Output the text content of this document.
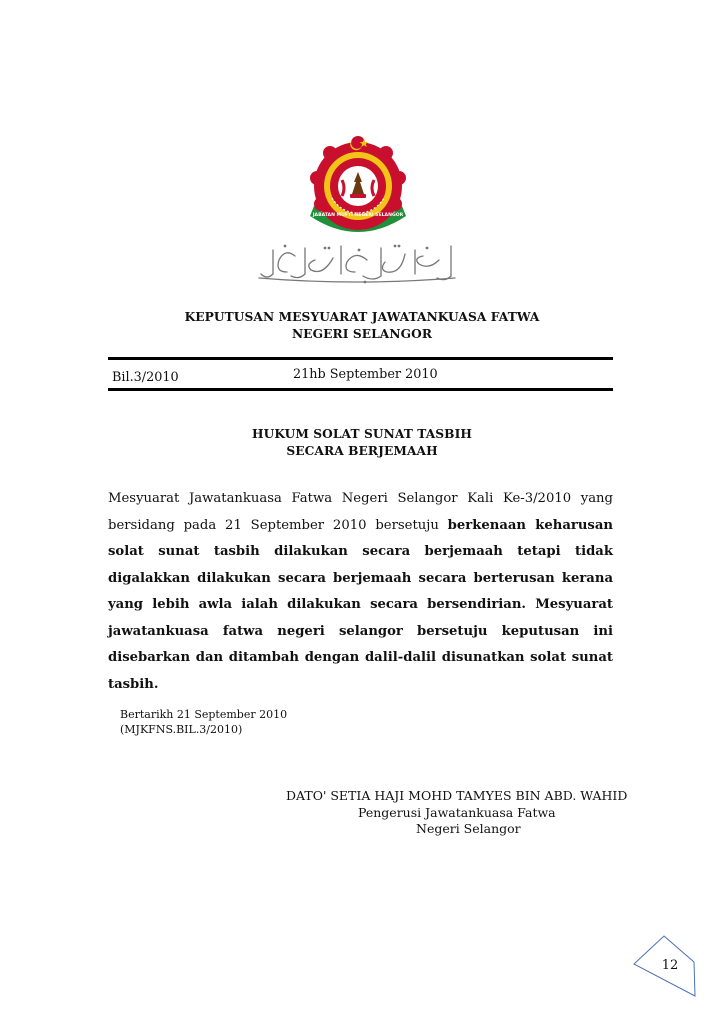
JABATAN MUFTI NEGERI SELANGOR
KEPUTUSAN MESYUARAT JAWATANKUASA FATWA
NEGERI SELANGOR
Bil.3/2010	21hb September 2010
HUKUM SOLAT SUNAT TASBIH
SECARA BERJEMAAH
Mesyuarat Jawatankuasa Fatwa Negeri Selangor Kali Ke-3/2010 yang bersidang pada 21 September 2010 bersetuju berkenaan keharusan solat sunat tasbih dilakukan secara berjemaah tetapi tidak digalakkan dilakukan secara berjemaah secara berterusan kerana yang lebih awla ialah dilakukan secara bersendirian. Mesyuarat jawatankuasa fatwa negeri selangor bersetuju keputusan ini disebarkan dan ditambah dengan dalil-dalil disunatkan solat sunat tasbih.
Bertarikh 21 September 2010
(MJKFNS.BIL.3/2010)
DATO' SETIA HAJI MOHD TAMYES BIN ABD. WAHID
Pengerusi Jawatankuasa Fatwa
Negeri Selangor
12
